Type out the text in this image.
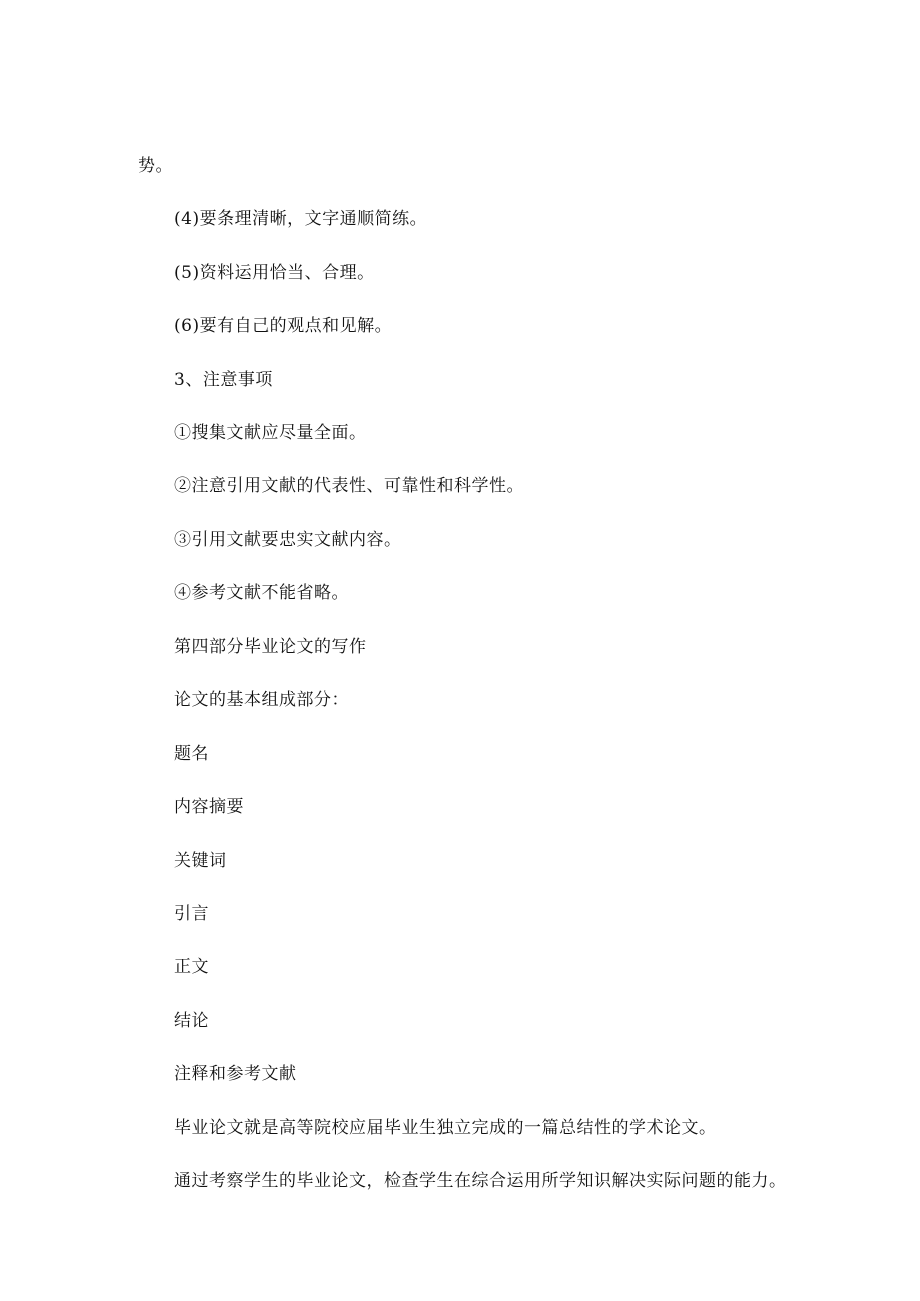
势。

(4)要条理清晰，文字通顺简练。

(5)资料运用恰当、合理。

(6)要有自己的观点和见解。

3、注意事项

①搜集文献应尽量全面。

②注意引用文献的代表性、可靠性和科学性。

③引用文献要忠实文献内容。

④参考文献不能省略。

第四部分毕业论文的写作

论文的基本组成部分：

题名

内容摘要

关键词

引言

正文

结论

注释和参考文献

毕业论文就是高等院校应届毕业生独立完成的一篇总结性的学术论文。

通过考察学生的毕业论文，检查学生在综合运用所学知识解决实际问题的能力。
